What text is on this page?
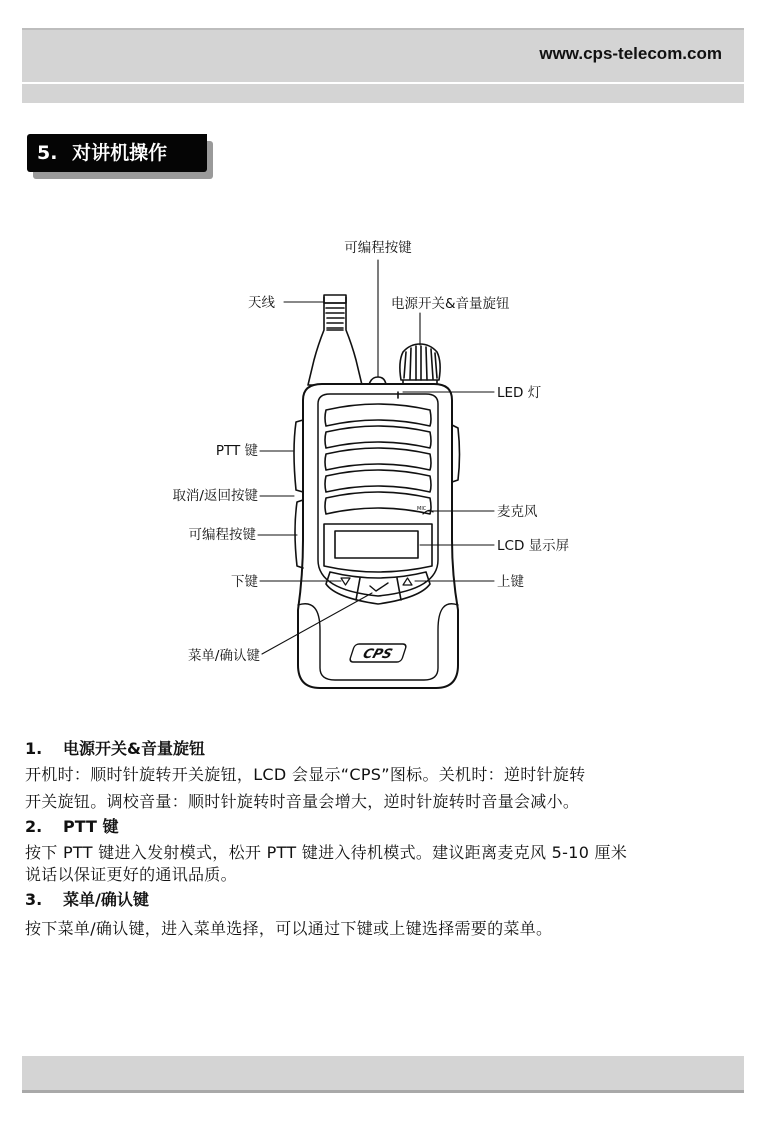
www.cps-telecom.com
5. 对讲机操作
CPS
MIC
可编程按键
天线	电源开关&音量旋钮
LED 灯
PTT 键
取消/返回按键
麦克风
可编程按键
LCD 显示屏
下键	上键
菜单/确认键

1. 电源开关&音量旋钮

开机时：顺时针旋转开关旋钮，LCD 会显示“CPS”图标。关机时：逆时针旋转

开关旋钮。调校音量：顺时针旋转时音量会增大，逆时针旋转时音量会减小。

2. PTT 键

按下 PTT 键进入发射模式，松开 PTT 键进入待机模式。建议距离麦克风 5-10 厘米

说话以保证更好的通讯品质。

3. 菜单/确认键

按下菜单/确认键，进入菜单选择，可以通过下键或上键选择需要的菜单。
